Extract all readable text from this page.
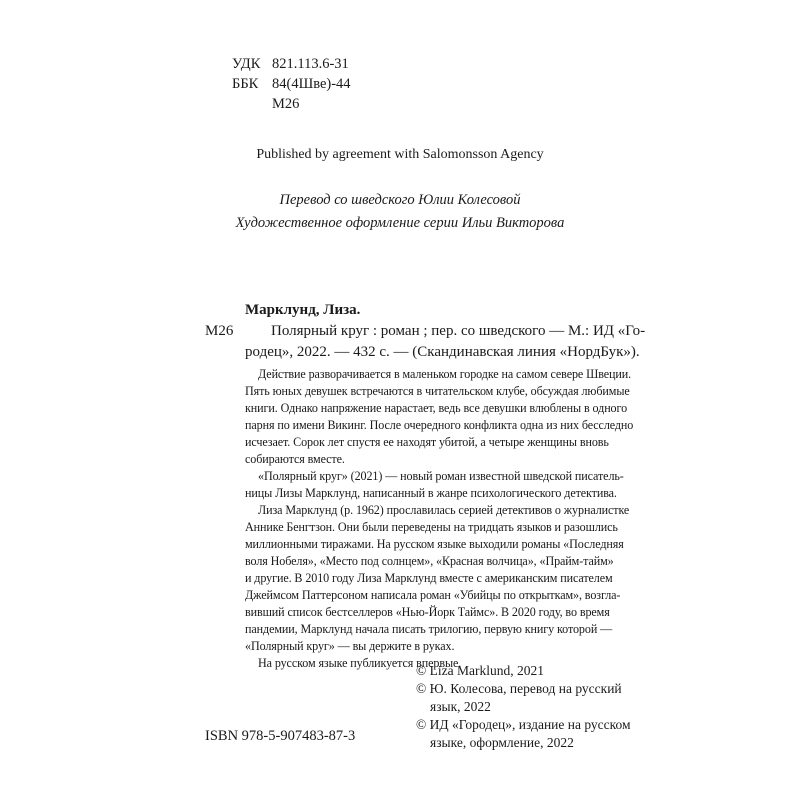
УДК 821.113.6-31
ББК 84(4Шве)-44
М26
Published by agreement with Salomonsson Agency
Перевод со шведского Юлии Колесовой
Художественное оформление серии Ильи Викторова
Марклунд, Лиза.
М26	Полярный круг : роман ; пер. со шведского — М.: ИД «Го-
родец», 2022. — 432 с. — (Скандинавская линия «НордБук»).
Действие разворачивается в маленьком городке на самом севере Швеции.
Пять юных девушек встречаются в читательском клубе, обсуждая любимые
книги. Однако напряжение нарастает, ведь все девушки влюблены в одного
парня по имени Викинг. После очередного конфликта одна из них бесследно
исчезает. Сорок лет спустя ее находят убитой, а четыре женщины вновь
собираются вместе.
«Полярный круг» (2021) — новый роман известной шведской писатель-
ницы Лизы Марклунд, написанный в жанре психологического детектива.
Лиза Марклунд (р. 1962) прославилась серией детективов о журналистке
Аннике Бенгтзон. Они были переведены на тридцать языков и разошлись
миллионными тиражами. На русском языке выходили романы «Последняя
воля Нобеля», «Место под солнцем», «Красная волчица», «Прайм-тайм»
и другие. В 2010 году Лиза Марклунд вместе с американским писателем
Джеймсом Паттерсоном написала роман «Убийцы по открыткам», возгла-
вивший список бестселлеров «Нью-Йорк Таймс». В 2020 году, во время
пандемии, Марклунд начала писать трилогию, первую книгу которой —
«Полярный круг» — вы держите в руках.
На русском языке публикуется впервые.
© Liza Marklund, 2021
© Ю. Колесова, перевод на русский
язык, 2022
© ИД «Городец», издание на русском
языке, оформление, 2022
ISBN 978-5-907483-87-3
